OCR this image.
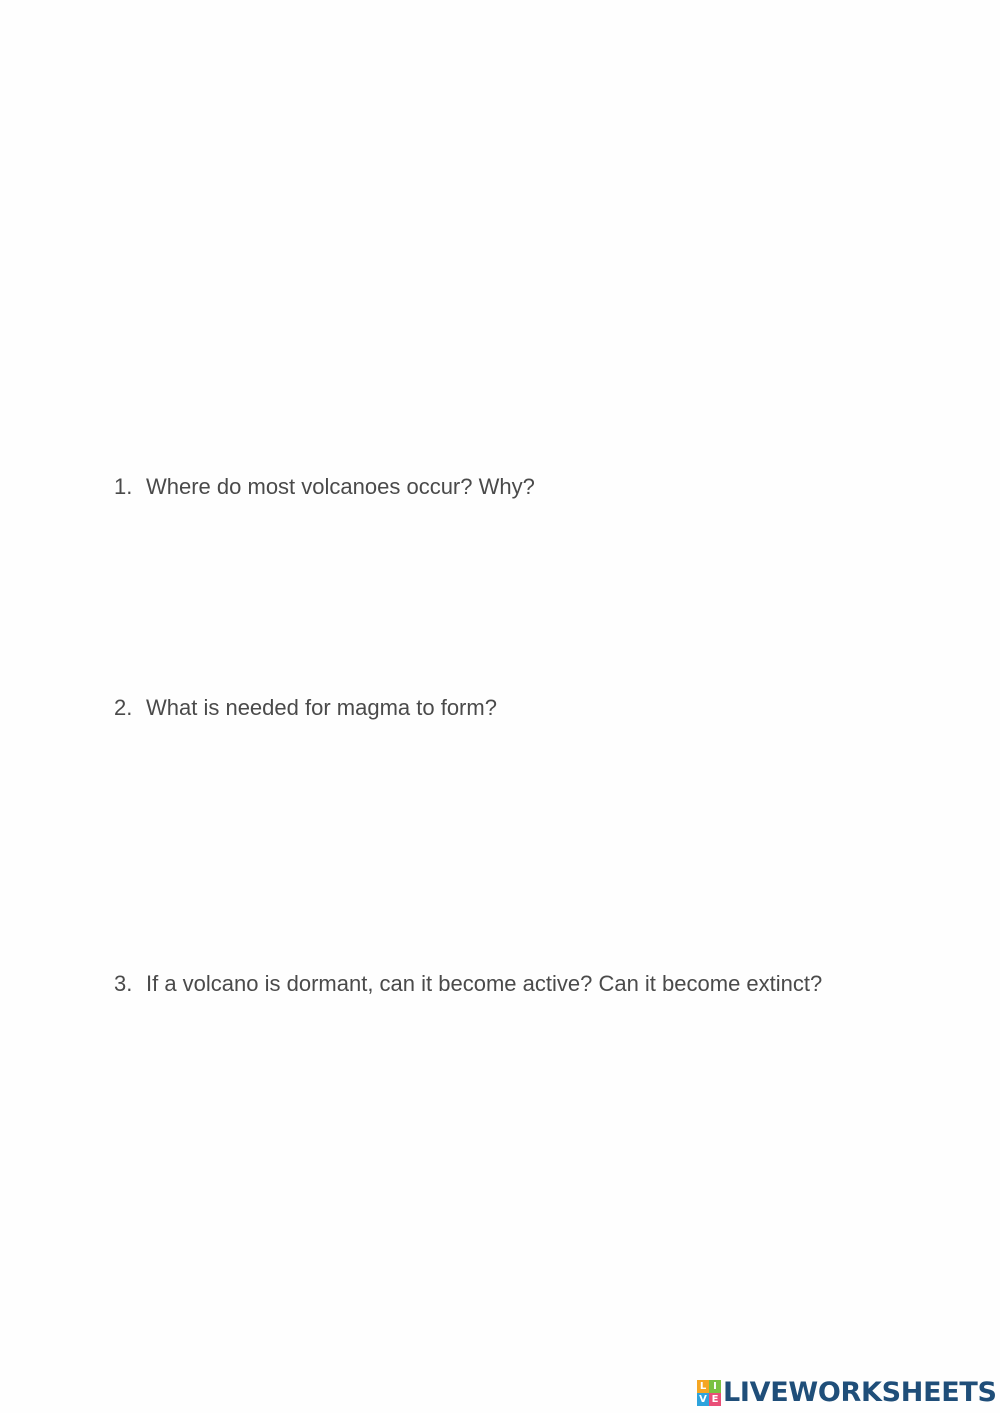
1. Where do most volcanoes occur? Why?
2. What is needed for magma to form?
3. If a volcano is dormant, can it become active? Can it become extinct?
L I
V E LIVEWORKSHEETS
